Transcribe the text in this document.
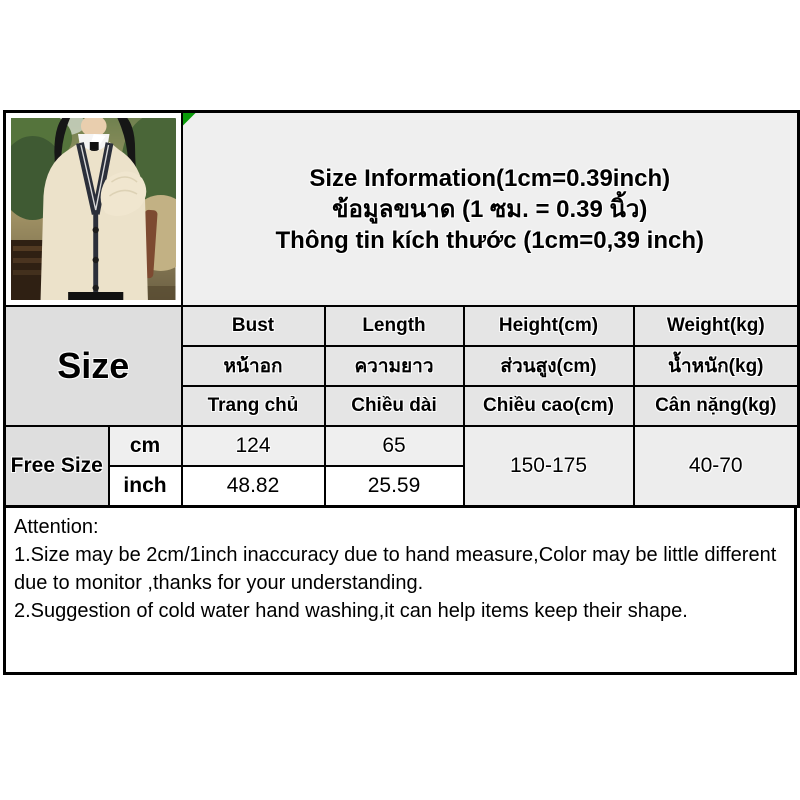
Size Information(1cm=0.39inch)
ข้อมูลขนาด (1 ซม. = 0.39 นิ้ว)
Thông tin kích thước (1cm=0,39 inch)			

Size		Bust	Length	Height(cm)	Weight(kg)
		หน้าอก	ความยาว	ส่วนสูง(cm)	น้ำหนัก(kg)
		Trang chủ	Chiều dài	Chiều cao(cm)	Cân nặng(kg)
Free Size	cm	124	65	150-175	40-70
	inch	48.82	25.59		
Attention:
1.Size may be 2cm/1inch inaccuracy due to hand measure,Color may be little different due to monitor ,thanks for your understanding.
2.Suggestion of cold water hand washing,it can help items keep their shape.
